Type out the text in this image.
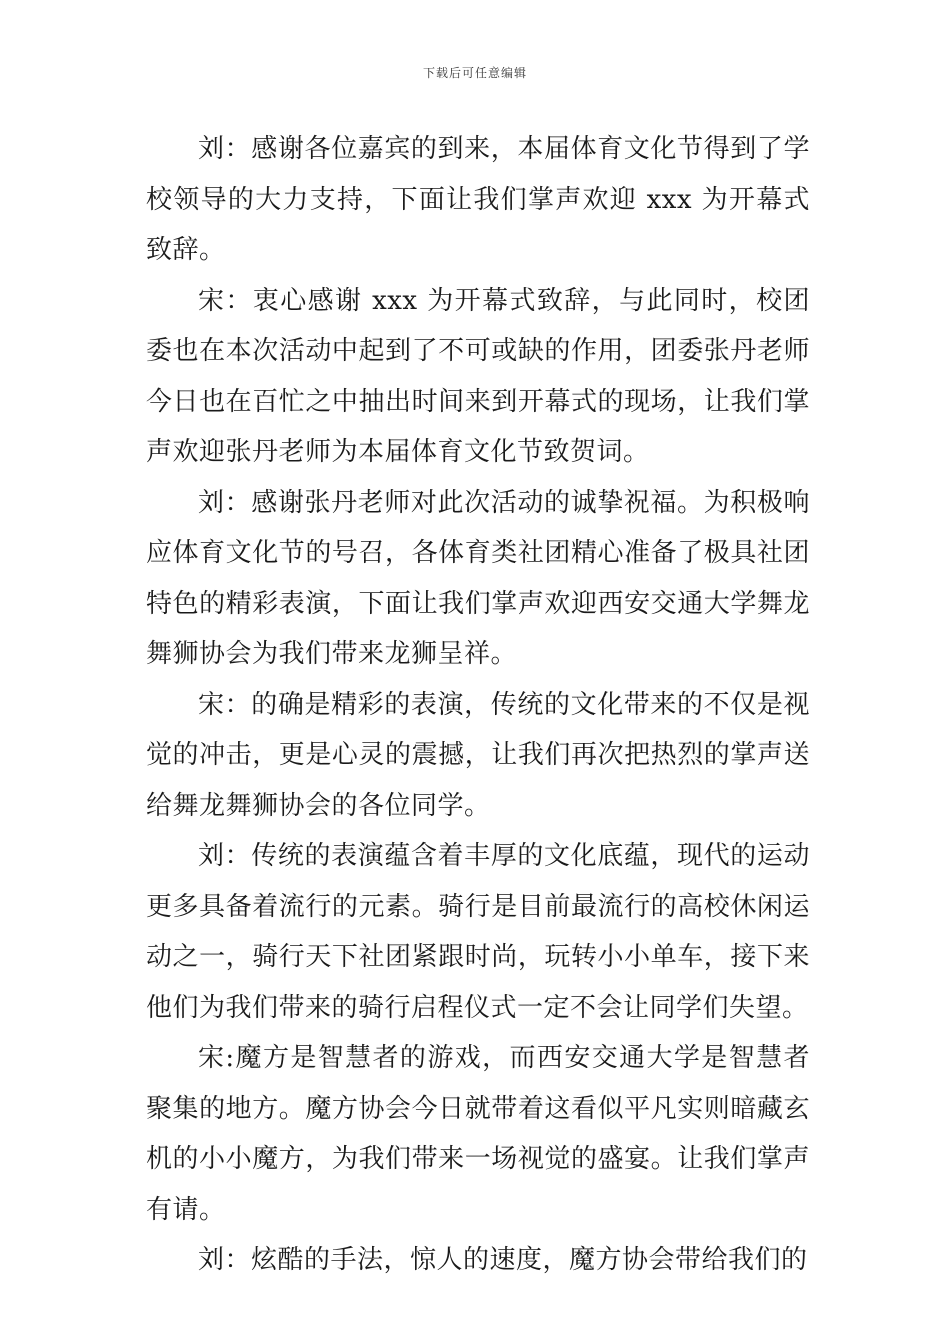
下载后可任意编辑

刘：感谢各位嘉宾的到来，本届体育文化节得到了学校领导的大力支持，下面让我们掌声欢迎 xxx 为开幕式致辞。

宋：衷心感谢 xxx 为开幕式致辞，与此同时，校团委也在本次活动中起到了不可或缺的作用，团委张丹老师今日也在百忙之中抽出时间来到开幕式的现场，让我们掌声欢迎张丹老师为本届体育文化节致贺词。

刘：感谢张丹老师对此次活动的诚挚祝福。为积极响应体育文化节的号召，各体育类社团精心准备了极具社团特色的精彩表演，下面让我们掌声欢迎西安交通大学舞龙舞狮协会为我们带来龙狮呈祥。

宋：的确是精彩的表演，传统的文化带来的不仅是视觉的冲击，更是心灵的震撼，让我们再次把热烈的掌声送给舞龙舞狮协会的各位同学。

刘：传统的表演蕴含着丰厚的文化底蕴，现代的运动更多具备着流行的元素。骑行是目前最流行的高校休闲运动之一，骑行天下社团紧跟时尚，玩转小小单车，接下来他们为我们带来的骑行启程仪式一定不会让同学们失望。

宋:魔方是智慧者的游戏，而西安交通大学是智慧者聚集的地方。魔方协会今日就带着这看似平凡实则暗藏玄机的小小魔方，为我们带来一场视觉的盛宴。让我们掌声有请。

刘：炫酷的手法，惊人的速度，魔方协会带给我们的
